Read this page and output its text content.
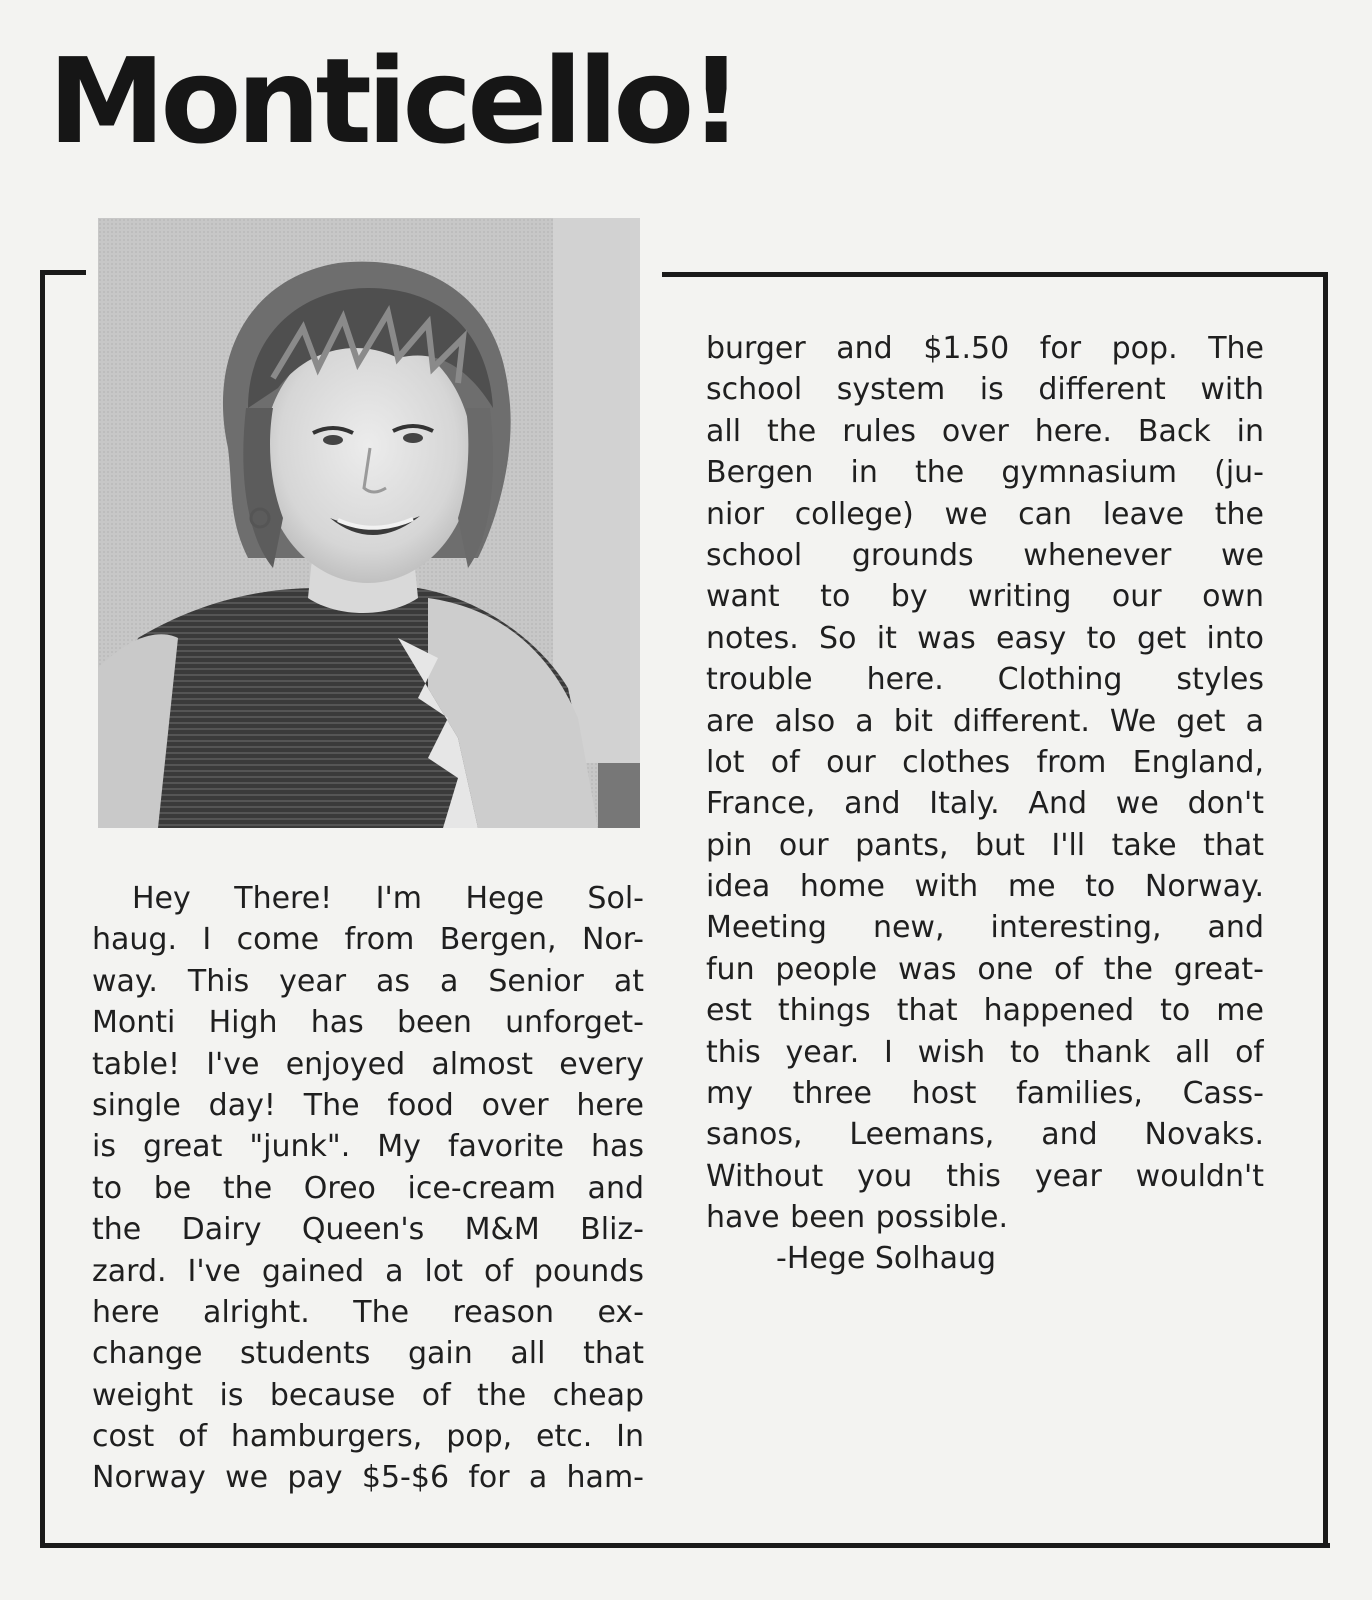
Monticello!
Hey There! I'm Hege Sol-
haug. I come from Bergen, Nor-
way. This year as a Senior at
Monti High has been unforget-
table! I've enjoyed almost every
single day! The food over here
is great "junk". My favorite has
to be the Oreo ice-cream and
the Dairy Queen's M&M Bliz-
zard. I've gained a lot of pounds
here alright. The reason ex-
change students gain all that
weight is because of the cheap
cost of hamburgers, pop, etc. In
Norway we pay $5-$6 for a ham-
burger and $1.50 for pop. The
school system is different with
all the rules over here. Back in
Bergen in the gymnasium (ju-
nior college) we can leave the
school grounds whenever we
want to by writing our own
notes. So it was easy to get into
trouble here. Clothing styles
are also a bit different. We get a
lot of our clothes from England,
France, and Italy. And we don't
pin our pants, but I'll take that
idea home with me to Norway.
Meeting new, interesting, and
fun people was one of the great-
est things that happened to me
this year. I wish to thank all of
my three host families, Cass-
sanos, Leemans, and Novaks.
Without you this year wouldn't
have been possible.
-Hege Solhaug
